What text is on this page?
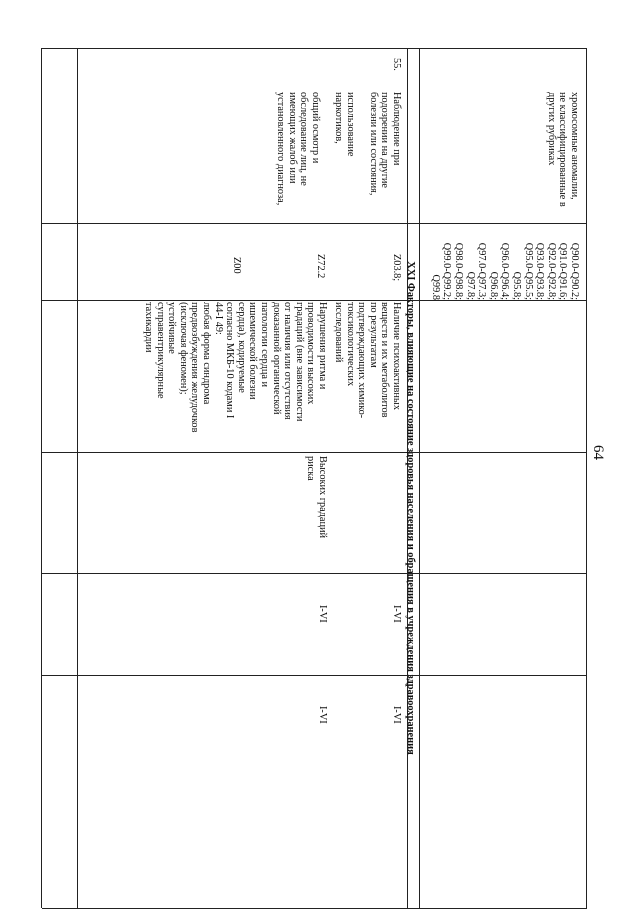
64
хромосомные аномалии,
не классифицированные в
других рубриках
Q90.0-Q90.2;
Q91.0-Q91.6;
Q92.0-Q92.8;
Q93.0-Q93.8;
Q95.0-Q95.5;
Q95.8;
Q96.0-Q96.4;
Q96.8;
Q97.0-Q97.3;
Q97.8;
Q98.0-Q98.8;
Q99.0-Q99.2;
Q99.8
XXI Факторы, влияющие на состояние здоровья населения и обращения в учреждения здравоохранения
55.
Наблюдение при
подозрении на другие
болезни или состояния,

использование
наркотиков,

общий осмотр и
обследование лиц, не
имеющих жалоб или
установленного диагноза,
Z03.8;
Наличие психоактивных
веществ и их метаболитов
по результатам
подтверждающих химико-
токсикологических
исследований
I-VI
I-VI
Z72.2
Z00
Нарушения ритма и
проводимости высоких
градаций (вне зависимости
от наличия или отсутствия
доказанной органической
патологии сердца и
ишемической болезни
сердца), кодируемые
согласно МКБ-10 кодами I
44-I 49:
любая форма синдрома
предвозбуждения желудочков
(исключая феномен);
устойчивые
суправентрикулярные
тахикардии
Высоких градаций
риска
I-VI
I-VI
